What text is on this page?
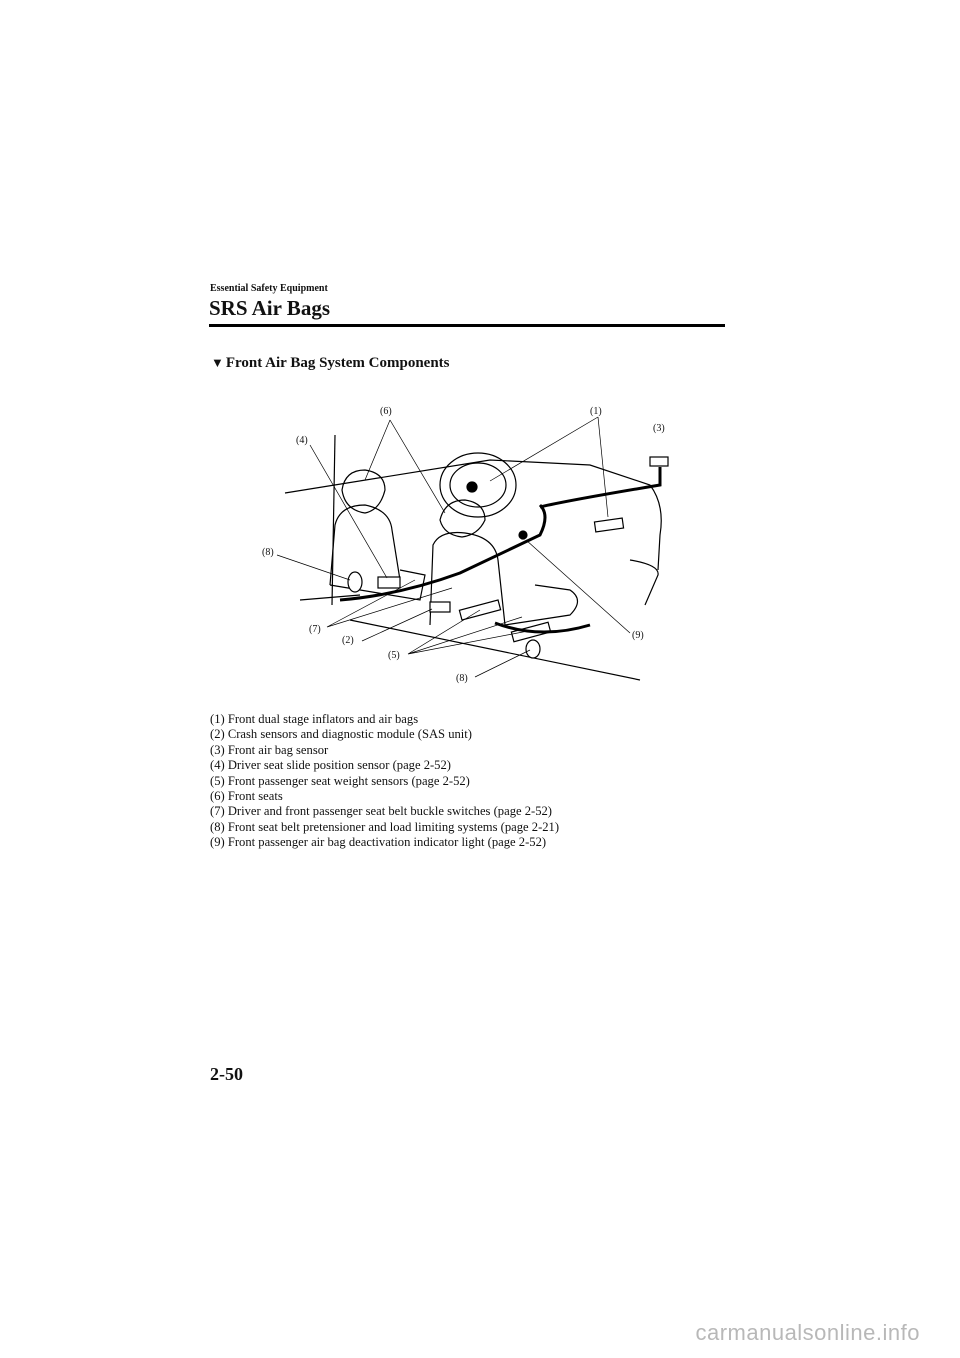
Essential Safety Equipment
SRS Air Bags
▼ Front Air Bag System Components
(6)	(1)
(3)
(4)
(8)
(7)
(2)
(5)
(8)
(9)
(1) Front dual stage inflators and air bags
(2) Crash sensors and diagnostic module (SAS unit)
(3) Front air bag sensor
(4) Driver seat slide position sensor (page 2-52)
(5) Front passenger seat weight sensors (page 2-52)
(6) Front seats
(7) Driver and front passenger seat belt buckle switches (page 2-52)
(8) Front seat belt pretensioner and load limiting systems (page 2-21)
(9) Front passenger air bag deactivation indicator light (page 2-52)
2-50
carmanualsonline.info
